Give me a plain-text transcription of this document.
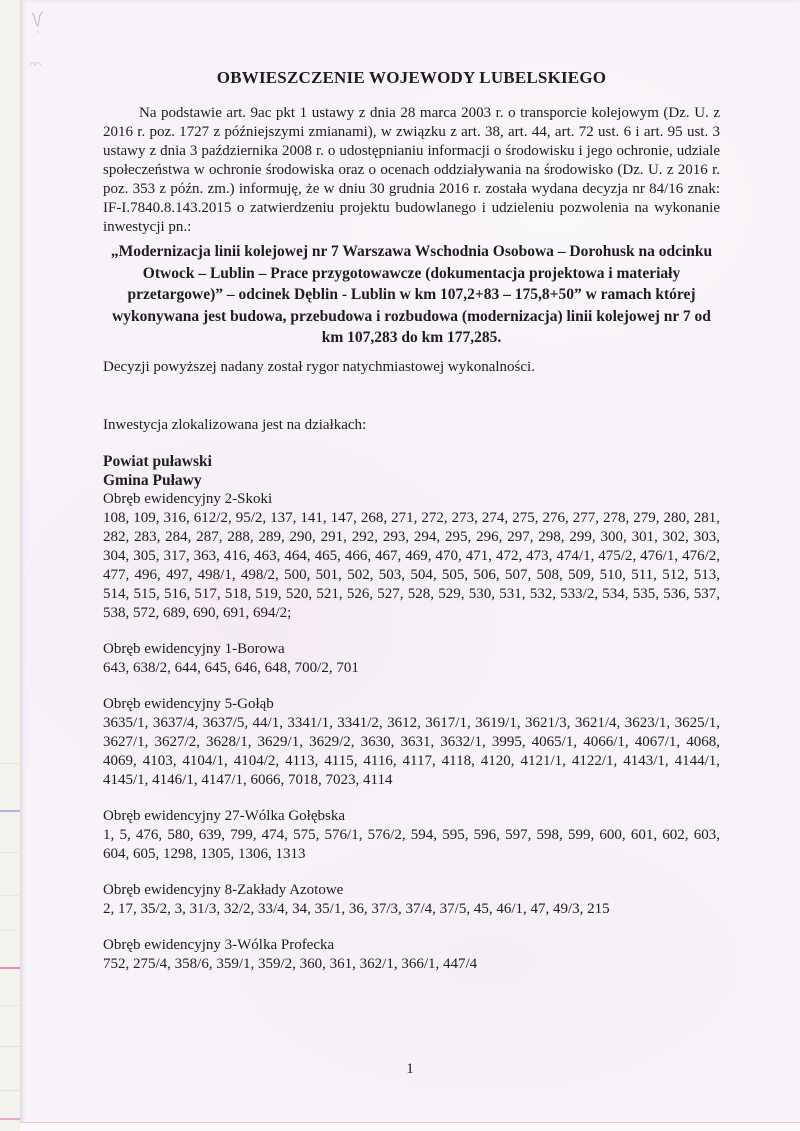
OBWIESZCZENIE WOJEWODY LUBELSKIEGO

Na podstawie art. 9ac pkt 1 ustawy z dnia 28 marca 2003 r. o transporcie kolejowym (Dz. U. z 2016 r. poz. 1727 z późniejszymi zmianami), w związku z art. 38, art. 44, art. 72 ust. 6 i art. 95 ust. 3 ustawy z dnia 3 października 2008 r. o udostępnianiu informacji o środowisku i jego ochronie, udziale społeczeństwa w ochronie środowiska oraz o ocenach oddziaływania na środowisko (Dz. U. z 2016 r. poz. 353 z późn. zm.) informuję, że w dniu 30 grudnia 2016 r. została wydana decyzja nr 84/16 znak: IF-I.7840.8.143.2015 o zatwierdzeniu projektu budowlanego i udzieleniu pozwolenia na wykonanie inwestycji pn.:

„Modernizacja linii kolejowej nr 7 Warszawa Wschodnia Osobowa – Dorohusk na odcinku Otwock – Lublin – Prace przygotowawcze (dokumentacja projektowa i materiały przetargowe)” – odcinek Dęblin - Lublin w km 107,2+83 – 175,8+50” w ramach której wykonywana jest budowa, przebudowa i rozbudowa (modernizacja) linii kolejowej nr 7 od km 107,283 do km 177,285.

Decyzji powyższej nadany został rygor natychmiastowej wykonalności.

Inwestycja zlokalizowana jest na działkach:

Powiat puławski

Gmina Puławy

Obręb ewidencyjny 2-Skoki
108, 109, 316, 612/2, 95/2, 137, 141, 147, 268, 271, 272, 273, 274, 275, 276, 277, 278, 279, 280, 281, 282, 283, 284, 287, 288, 289, 290, 291, 292, 293, 294, 295, 296, 297, 298, 299, 300, 301, 302, 303, 304, 305, 317, 363, 416, 463, 464, 465, 466, 467, 469, 470, 471, 472, 473, 474/1, 475/2, 476/1, 476/2, 477, 496, 497, 498/1, 498/2, 500, 501, 502, 503, 504, 505, 506, 507, 508, 509, 510, 511, 512, 513, 514, 515, 516, 517, 518, 519, 520, 521, 526, 527, 528, 529, 530, 531, 532, 533/2, 534, 535, 536, 537, 538, 572, 689, 690, 691, 694/2;
Obręb ewidencyjny 1-Borowa
643, 638/2, 644, 645, 646, 648, 700/2, 701
Obręb ewidencyjny 5-Gołąb
3635/1, 3637/4, 3637/5, 44/1, 3341/1, 3341/2, 3612, 3617/1, 3619/1, 3621/3, 3621/4, 3623/1, 3625/1, 3627/1, 3627/2, 3628/1, 3629/1, 3629/2, 3630, 3631, 3632/1, 3995, 4065/1, 4066/1, 4067/1, 4068, 4069, 4103, 4104/1, 4104/2, 4113, 4115, 4116, 4117, 4118, 4120, 4121/1, 4122/1, 4143/1, 4144/1, 4145/1, 4146/1, 4147/1, 6066, 7018, 7023, 4114
Obręb ewidencyjny 27-Wólka Gołębska
1, 5, 476, 580, 639, 799, 474, 575, 576/1, 576/2, 594, 595, 596, 597, 598, 599, 600, 601, 602, 603, 604, 605, 1298, 1305, 1306, 1313
Obręb ewidencyjny 8-Zakłady Azotowe
2, 17, 35/2, 3, 31/3, 32/2, 33/4, 34, 35/1, 36, 37/3, 37/4, 37/5, 45, 46/1, 47, 49/3, 215
Obręb ewidencyjny 3-Wólka Profecka
752, 275/4, 358/6, 359/1, 359/2, 360, 361, 362/1, 366/1, 447/4
1
